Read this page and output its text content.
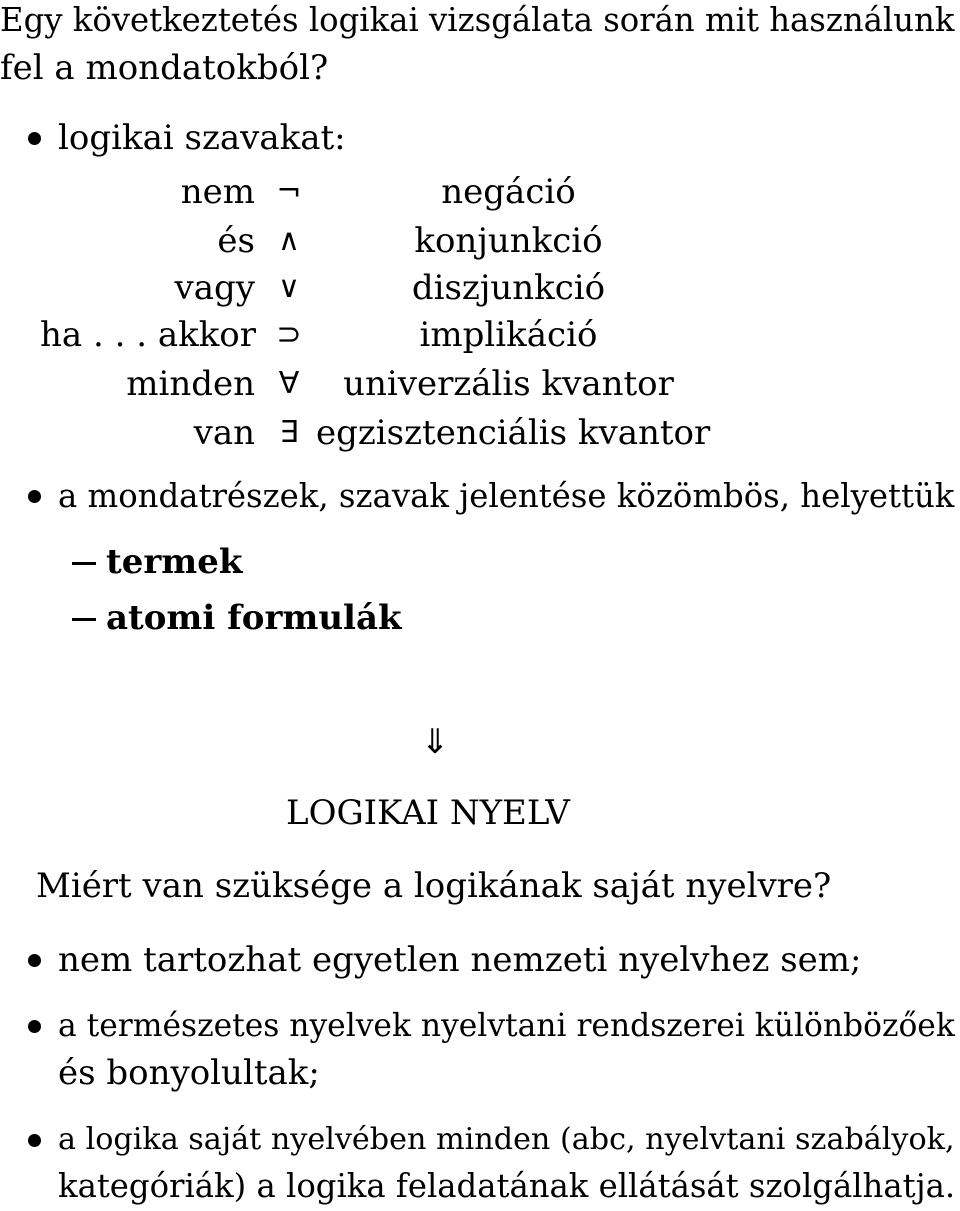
Egy következtetés logikai vizsgálata során mit használunk
fel a mondatokból?
logikai szavakat:
nem ¬	negáció
és ∧	konjunkció
vagy ∨	diszjunkció
ha . . . akkor ⊃	implikáció
minden ∀	univerzális kvantor
van ∃ egzisztenciális kvantor
a mondatrészek, szavak jelentése közömbös, helyettük
termek
atomi formulák
⇓
LOGIKAI NYELV
Miért van szüksége a logikának saját nyelvre?
nem tartozhat egyetlen nemzeti nyelvhez sem;
a természetes nyelvek nyelvtani rendszerei különbözőek
és bonyolultak;
a logika saját nyelvében minden (abc, nyelvtani szabályok,
kategóriák) a logika feladatának ellátását szolgálhatja.
